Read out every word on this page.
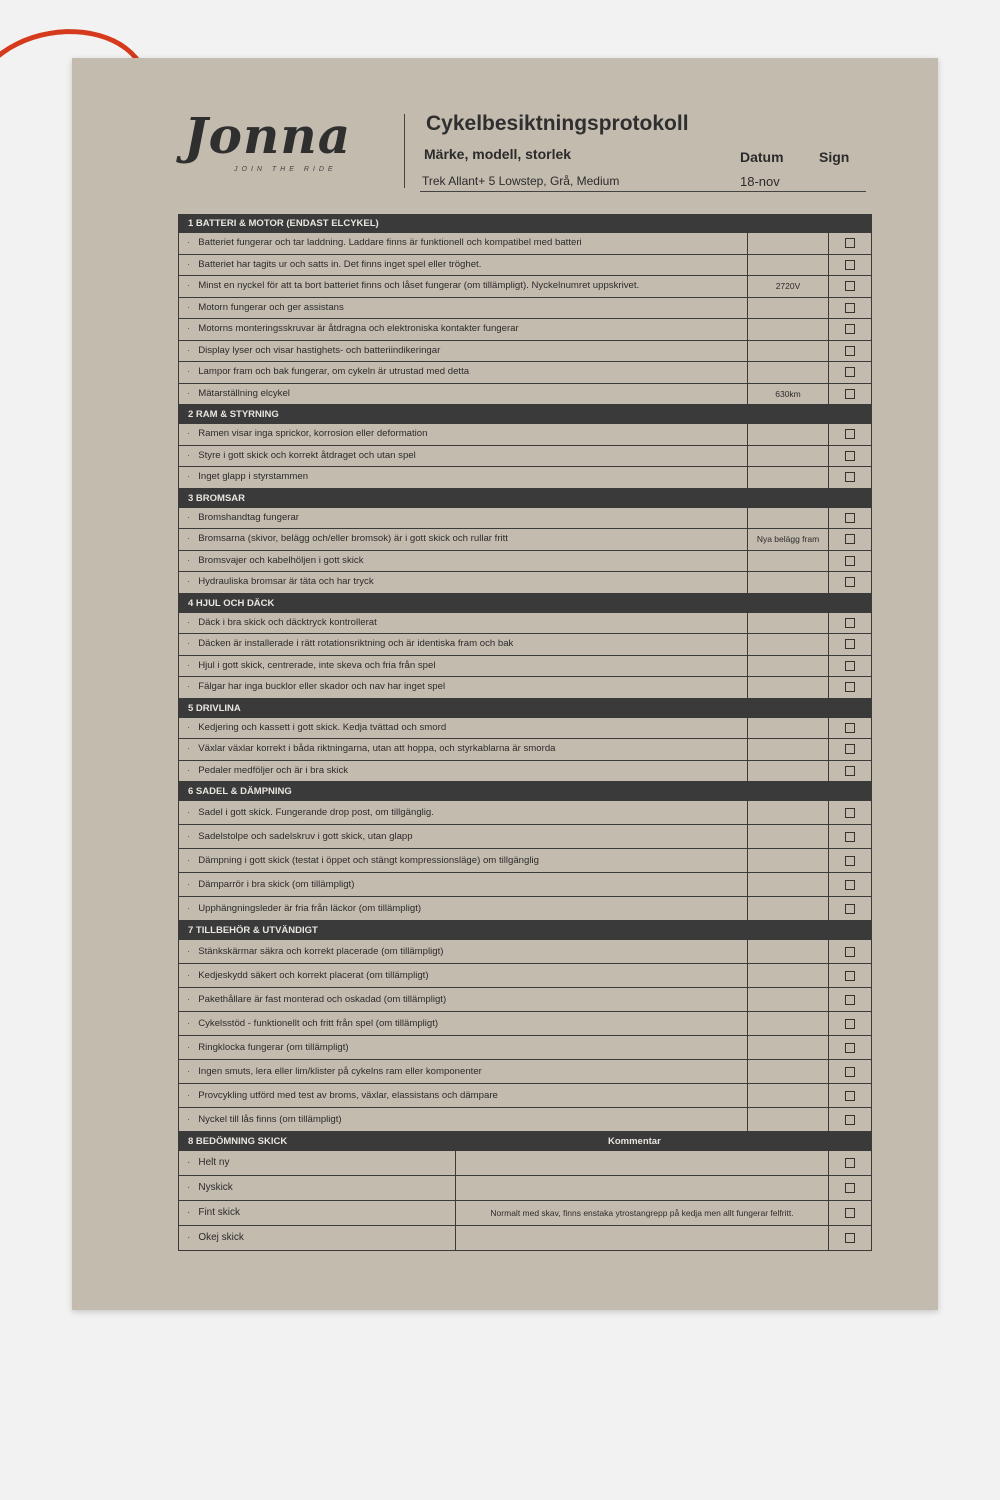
Jonna
JOIN THE RIDE
Cykelbesiktningsprotokoll
Märke, modell, storlek	Datum	Sign
Trek Allant+ 5 Lowstep, Grå, Medium	18-nov
1 BATTERI & MOTOR (ENDAST ELCYKEL)
· Batteriet fungerar och tar laddning. Laddare finns är funktionell och kompatibel med batteri
· Batteriet har tagits ur och satts in. Det finns inget spel eller tröghet.
· Minst en nyckel för att ta bort batteriet finns och låset fungerar (om tillämpligt). Nyckelnumret uppskrivet.	2720V
· Motorn fungerar och ger assistans
· Motorns monteringsskruvar är åtdragna och elektroniska kontakter fungerar
· Display lyser och visar hastighets- och batteriindikeringar
· Lampor fram och bak fungerar, om cykeln är utrustad med detta
· Mätarställning elcykel	630km
2 RAM & STYRNING
· Ramen visar inga sprickor, korrosion eller deformation
· Styre i gott skick och korrekt åtdraget och utan spel
· Inget glapp i styrstammen
3 BROMSAR
· Bromshandtag fungerar
· Bromsarna (skivor, belägg och/eller bromsok) är i gott skick och rullar fritt	Nya belägg fram
· Bromsvajer och kabelhöljen i gott skick
· Hydrauliska bromsar är täta och har tryck
4 HJUL OCH DÄCK
· Däck i bra skick och däcktryck kontrollerat
· Däcken är installerade i rätt rotationsriktning och är identiska fram och bak
· Hjul i gott skick, centrerade, inte skeva och fria från spel
· Fälgar har inga bucklor eller skador och nav har inget spel
5 DRIVLINA
· Kedjering och kassett i gott skick. Kedja tvättad och smord
· Växlar växlar korrekt i båda riktningarna, utan att hoppa, och styrkablarna är smorda
· Pedaler medföljer och är i bra skick
6 SADEL & DÄMPNING
· Sadel i gott skick. Fungerande drop post, om tillgänglig.
· Sadelstolpe och sadelskruv i gott skick, utan glapp
· Dämpning i gott skick (testat i öppet och stängt kompressionsläge) om tillgänglig
· Dämparrör i bra skick (om tillämpligt)
· Upphängningsleder är fria från läckor (om tillämpligt)
7 TILLBEHÖR & UTVÄNDIGT
· Stänkskärmar säkra och korrekt placerade (om tillämpligt)
· Kedjeskydd säkert och korrekt placerat (om tillämpligt)
· Pakethållare är fast monterad och oskadad (om tillämpligt)
· Cykelsstöd - funktionellt och fritt från spel (om tillämpligt)
· Ringklocka fungerar (om tillämpligt)
· Ingen smuts, lera eller lim/klister på cykelns ram eller komponenter
· Provcykling utförd med test av broms, växlar, elassistans och dämpare
· Nyckel till lås finns (om tillämpligt)
8 BEDÖMNING SKICK	Kommentar
· Helt ny
· Nyskick
· Fint skick	Normalt med skav, finns enstaka ytrostangrepp på kedja men allt fungerar felfritt.
· Okej skick
